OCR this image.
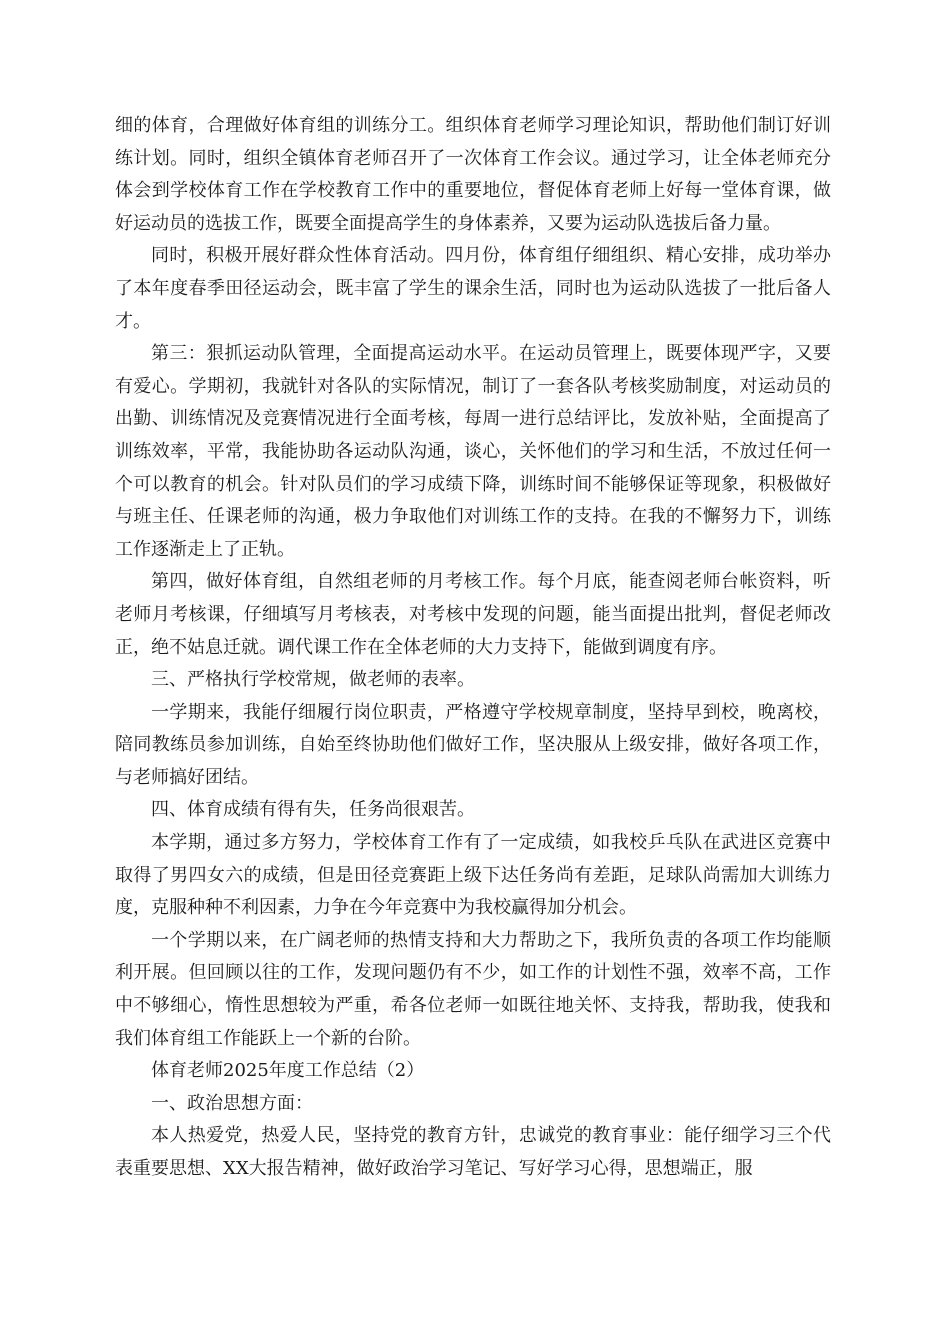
细的体育，合理做好体育组的训练分工。组织体育老师学习理论知识，帮助他们制订好训练计划。同时，组织全镇体育老师召开了一次体育工作会议。通过学习，让全体老师充分体会到学校体育工作在学校教育工作中的重要地位，督促体育老师上好每一堂体育课，做好运动员的选拔工作，既要全面提高学生的身体素养，又要为运动队选拔后备力量。

同时，积极开展好群众性体育活动。四月份，体育组仔细组织、精心安排，成功举办了本年度春季田径运动会，既丰富了学生的课余生活，同时也为运动队选拔了一批后备人才。

第三：狠抓运动队管理，全面提高运动水平。在运动员管理上，既要体现严字，又要有爱心。学期初，我就针对各队的实际情况，制订了一套各队考核奖励制度，对运动员的出勤、训练情况及竞赛情况进行全面考核，每周一进行总结评比，发放补贴，全面提高了训练效率，平常，我能协助各运动队沟通，谈心，关怀他们的学习和生活，不放过任何一个可以教育的机会。针对队员们的学习成绩下降，训练时间不能够保证等现象，积极做好与班主任、任课老师的沟通，极力争取他们对训练工作的支持。在我的不懈努力下，训练工作逐渐走上了正轨。

第四，做好体育组，自然组老师的月考核工作。每个月底，能查阅老师台帐资料，听老师月考核课，仔细填写月考核表，对考核中发现的问题，能当面提出批判，督促老师改正，绝不姑息迁就。调代课工作在全体老师的大力支持下，能做到调度有序。

三、严格执行学校常规，做老师的表率。

一学期来，我能仔细履行岗位职责，严格遵守学校规章制度，坚持早到校，晚离校，陪同教练员参加训练，自始至终协助他们做好工作，坚决服从上级安排，做好各项工作，与老师搞好团结。

四、体育成绩有得有失，任务尚很艰苦。

本学期，通过多方努力，学校体育工作有了一定成绩，如我校乒乓队在武进区竞赛中取得了男四女六的成绩，但是田径竞赛距上级下达任务尚有差距，足球队尚需加大训练力度，克服种种不利因素，力争在今年竞赛中为我校赢得加分机会。

一个学期以来，在广阔老师的热情支持和大力帮助之下，我所负责的各项工作均能顺利开展。但回顾以往的工作，发现问题仍有不少，如工作的计划性不强，效率不高，工作中不够细心，惰性思想较为严重，希各位老师一如既往地关怀、支持我，帮助我，使我和我们体育组工作能跃上一个新的台阶。

体育老师2025年度工作总结（2）

一、政治思想方面：

本人热爱党，热爱人民，坚持党的教育方针，忠诚党的教育事业：能仔细学习三个代表重要思想、XX大报告精神，做好政治学习笔记、写好学习心得，思想端正，服
